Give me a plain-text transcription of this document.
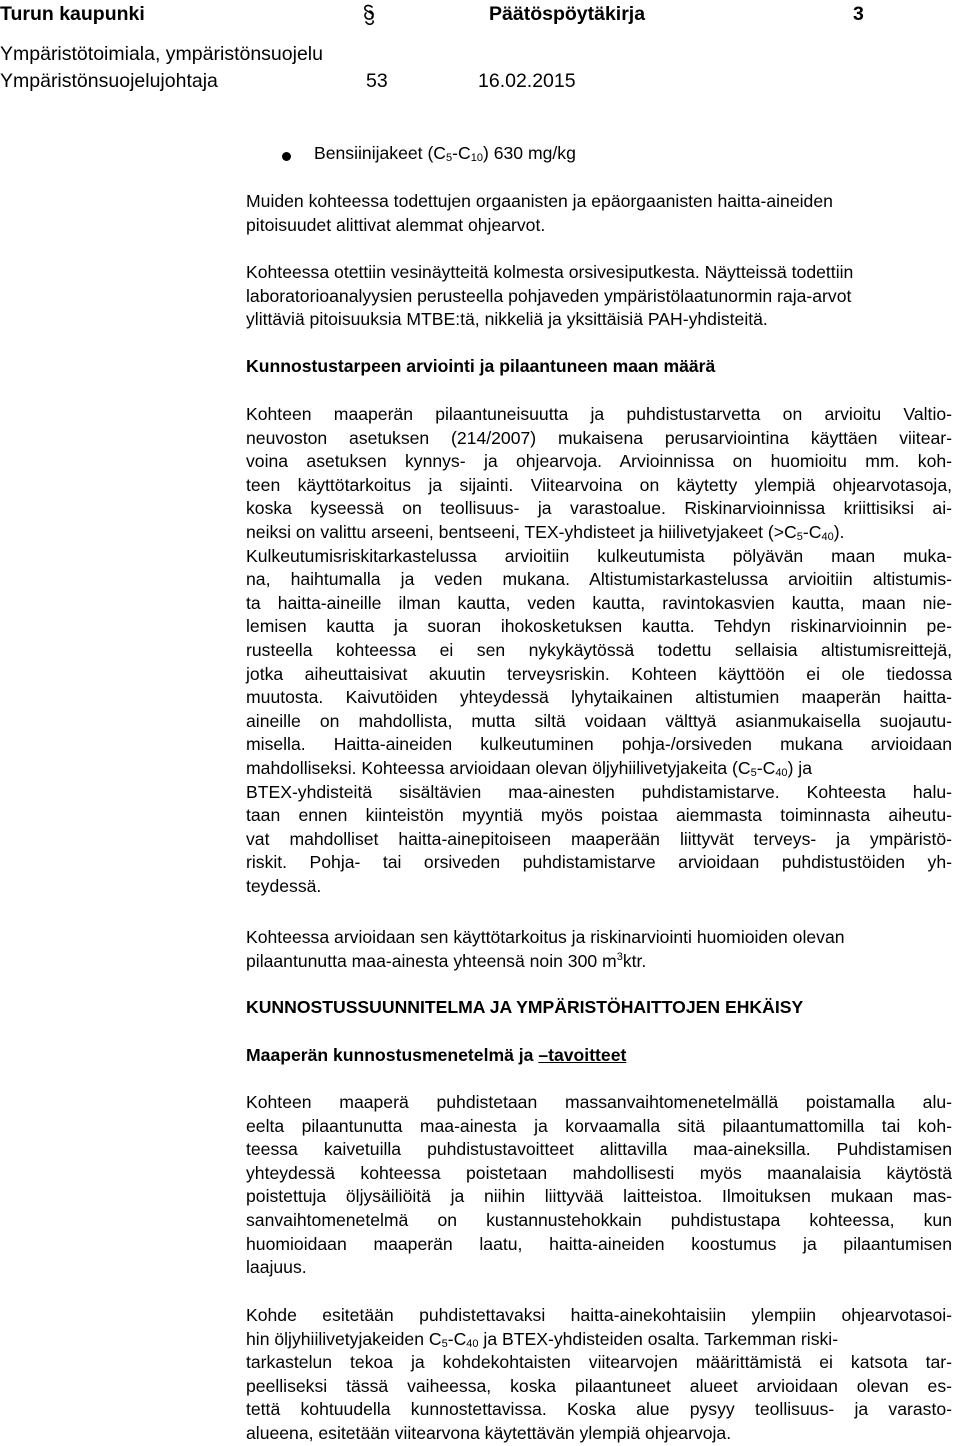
Turun kaupunki	Päätöspöytäkirja	3
Ympäristötoimiala, ympäristönsuojelu
Ympäristönsuojelujohtaja	53	16.02.2015
Bensiinijakeet $(C_5-C_{10})$ 630 mg/kg
Muiden kohteessa todettujen orgaanisten ja epäorgaanisten haitta-aineiden
pitoisuudet alittivat alemmat ohjearvot.
Kohteessa otettiin vesinäytteitä kolmesta orsivesiputkesta. Näytteissä todettiin
laboratorioanalyysien perusteella pohjaveden ympäristölaatunormin raja-arvot
ylittäviä pitoisuuksia MTBE:tä, nikkeliä ja yksittäisiä PAH-yhdisteitä.
Kunnostustarpeen arviointi ja pilaantuneen maan määrä
Kohteen maaperän pilaantuneisuutta ja puhdistustarvetta on arvioitu Valtio-
neuvoston asetuksen (214/2007) mukaisena perusarviointina käyttäen viitear-
voina asetuksen kynnys- ja ohjearvoja. Arvioinnissa on huomioitu mm. koh-
teen käyttötarkoitus ja sijainti. Viitearvoina on käytetty ylempiä ohjearvotasoja,
koska kyseessä on teollisuus- ja varastoalue. Riskinarvioinnissa kriittisiksi ai-
neiksi on valittu arseeni, bentseeni, TEX-yhdisteet ja hiilivetyjakeet $(>C_5-C_{40})$.
Kulkeutumisriskitarkastelussa arvioitiin kulkeutumista pölyävän maan muka-
na, haihtumalla ja veden mukana. Altistumistarkastelussa arvioitiin altistumis-
ta haitta-aineille ilman kautta, veden kautta, ravintokasvien kautta, maan nie-
lemisen kautta ja suoran ihokosketuksen kautta. Tehdyn riskinarvioinnin pe-
rusteella kohteessa ei sen nykykäytössä todettu sellaisia altistumisreittejä,
jotka aiheuttaisivat akuutin terveysriskin. Kohteen käyttöön ei ole tiedossa
muutosta. Kaivutöiden yhteydessä lyhytaikainen altistumien maaperän haitta-
aineille on mahdollista, mutta siltä voidaan välttyä asianmukaisella suojautu-
misella. Haitta-aineiden kulkeutuminen pohja-/orsiveden mukana arvioidaan
mahdolliseksi. Kohteessa arvioidaan olevan öljyhiilivetyjakeita $(C_5-C_{40})$ ja
BTEX-yhdisteitä sisältävien maa-ainesten puhdistamistarve. Kohteesta halu-
taan ennen kiinteistön myyntiä myös poistaa aiemmasta toiminnasta aiheutu-
vat mahdolliset haitta-ainepitoiseen maaperään liittyvät terveys- ja ympäristö-
riskit. Pohja- tai orsiveden puhdistamistarve arvioidaan puhdistustöiden yh-
teydessä.
Kohteessa arvioidaan sen käyttötarkoitus ja riskinarviointi huomioiden olevan
pilaantunutta maa-ainesta yhteensä noin 300 $m^3ktr$.
KUNNOSTUSSUUNNITELMA JA YMPÄRISTÖHAITTOJEN EHKÄISY
Maaperän kunnostusmenetelmä ja –tavoitteet
Kohteen maaperä puhdistetaan massanvaihtomenetelmällä poistamalla alu-
eelta pilaantunutta maa-ainesta ja korvaamalla sitä pilaantumattomilla tai koh-
teessa kaivetuilla puhdistustavoitteet alittavilla maa-aineksilla. Puhdistamisen
yhteydessä kohteessa poistetaan mahdollisesti myös maanalaisia käytöstä
poistettuja öljysäiliöitä ja niihin liittyvää laitteistoa. Ilmoituksen mukaan mas-
sanvaihtomenetelmä on kustannustehokkain puhdistustapa kohteessa, kun
huomioidaan maaperän laatu, haitta-aineiden koostumus ja pilaantumisen
laajuus.
Kohde esitetään puhdistettavaksi haitta-ainekohtaisiin ylempiin ohjearvotasoi-
hin öljyhiilivetyjakeiden $C_5-C_{40}$ ja BTEX-yhdisteiden osalta. Tarkemman riski-
tarkastelun tekoa ja kohdekohtaisten viitearvojen määrittämistä ei katsota tar-
peelliseksi tässä vaiheessa, koska pilaantuneet alueet arvioidaan olevan es-
tettä kohtuudella kunnostettavissa. Koska alue pysyy teollisuus- ja varasto-
alueena, esitetään viitearvona käytettävän ylempiä ohjearvoja.
